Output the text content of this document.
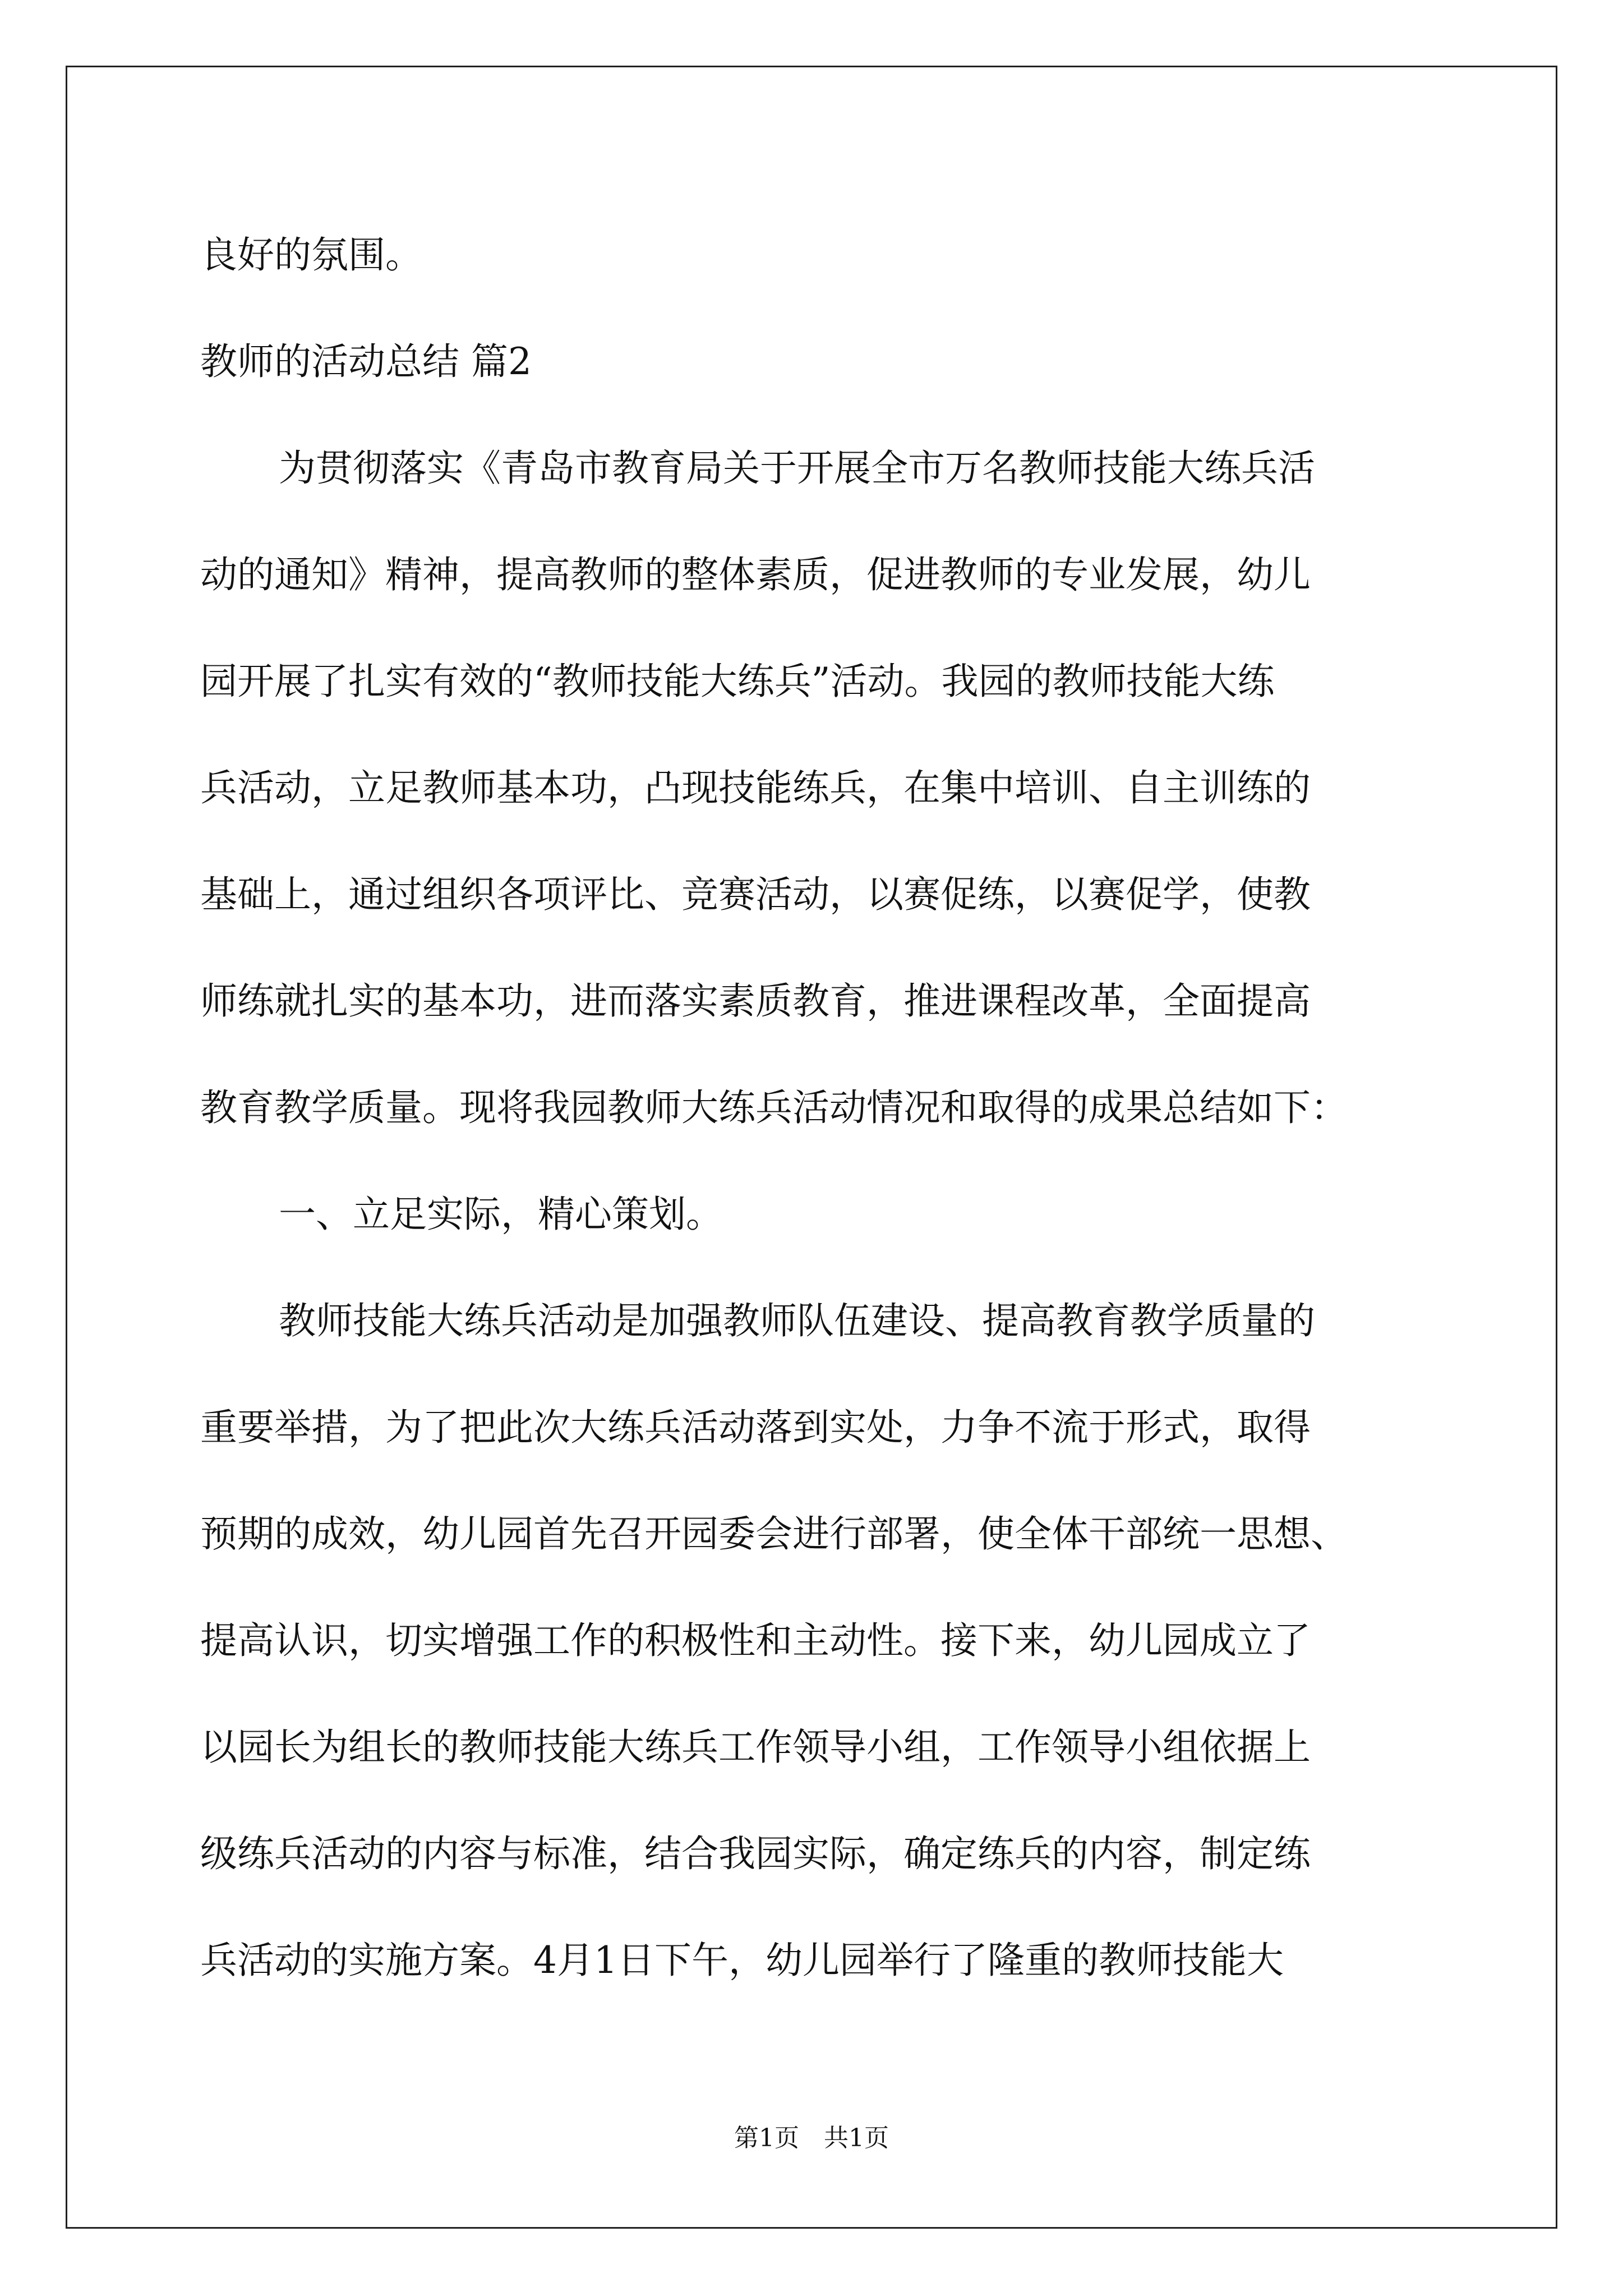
良好的氛围。
教师的活动总结 篇2
为贯彻落实《青岛市教育局关于开展全市万名教师技能大练兵活
动的通知》精神，提高教师的整体素质，促进教师的专业发展，幼儿
园开展了扎实有效的“教师技能大练兵”活动。我园的教师技能大练
兵活动，立足教师基本功，凸现技能练兵，在集中培训、自主训练的
基础上，通过组织各项评比、竞赛活动，以赛促练，以赛促学，使教
师练就扎实的基本功，进而落实素质教育，推进课程改革，全面提高
教育教学质量。现将我园教师大练兵活动情况和取得的成果总结如下：
一、立足实际，精心策划。
教师技能大练兵活动是加强教师队伍建设、提高教育教学质量的
重要举措，为了把此次大练兵活动落到实处，力争不流于形式，取得
预期的成效，幼儿园首先召开园委会进行部署，使全体干部统一思想、
提高认识，切实增强工作的积极性和主动性。接下来，幼儿园成立了
以园长为组长的教师技能大练兵工作领导小组，工作领导小组依据上
级练兵活动的内容与标准，结合我园实际，确定练兵的内容，制定练
兵活动的实施方案。4月1日下午，幼儿园举行了隆重的教师技能大
第1页 共1页
